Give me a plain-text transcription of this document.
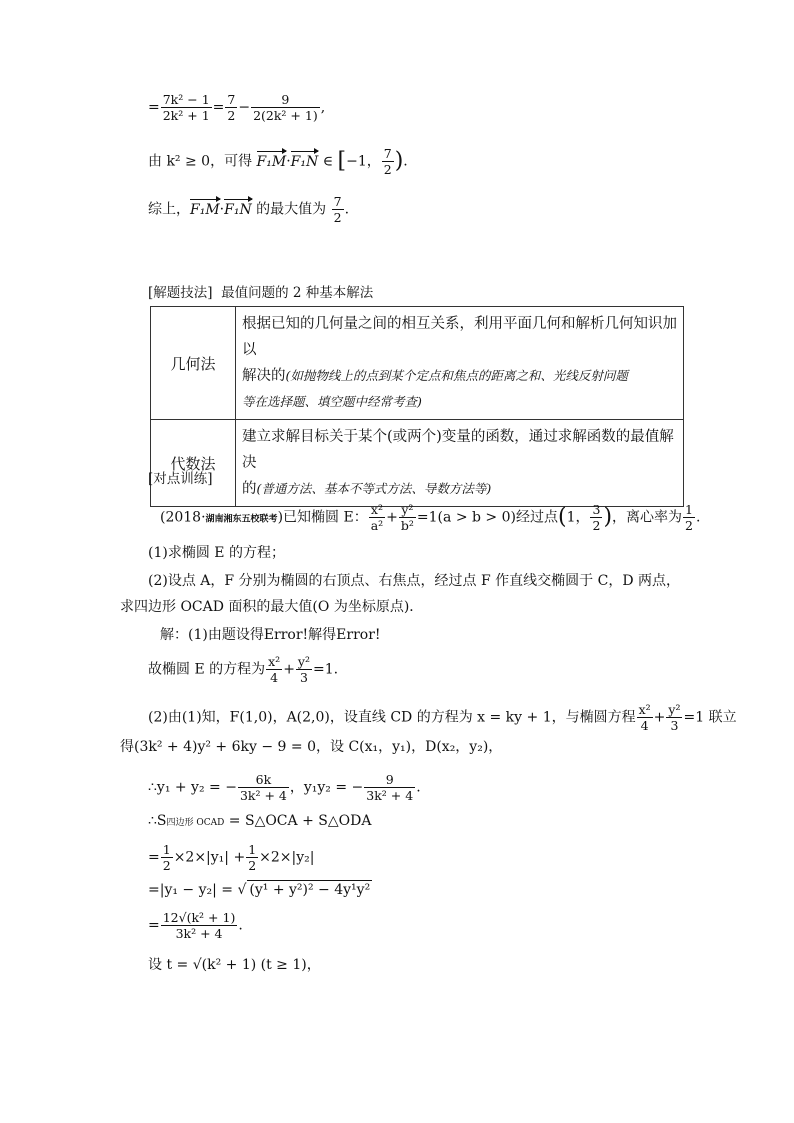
= $\frac{\text{7k² − 1}}{\text{2k² + 1}} = \frac{7}{2} - \frac{9}{\text{2(2k² + 1)}}$ ,
由 k² ≥ 0，可得 F₁M·F₁N ∈ [−1， $\frac{7}{2}$ ).
综上，F₁M·F₁N 的最大值为 $\frac{7}{2}$ .
[解题技法] 最值问题的 2 种基本解法
几何法	根据已知的几何量之间的相互关系，利用平面几何和解析几何知识加以
解决的(如抛物线上的点到某个定点和焦点的距离之和、光线反射问题
等在选择题、填空题中经常考查)
代数法	建立求解目标关于某个(或两个)变量的函数，通过求解函数的最值解决
的(普通方法、基本不等式方法、导数方法等)
[对点训练]
(2018·湖南湘东五校联考)已知椭圆 E： $\frac{\text{x²}}{\text{a²}} + \frac{\text{y²}}{\text{b²}} =1(a > b > 0)$经过点(1， $\frac{3}{2}$ )，离心率为 $\frac{1}{2}$ .
(1)求椭圆 E 的方程；
(2)设点 A，F 分别为椭圆的右顶点、右焦点，经过点 F 作直线交椭圆于 C，D 两点，
求四边形 OCAD 面积的最大值(O 为坐标原点)．
解：(1)由题设得Error!解得Error!
故椭圆 E 的方程为 $\frac{\text{x²}}{4} + \frac{\text{y²}}{3} =1$.
(2)由(1)知，F(1,0)，A(2,0)，设直线 CD 的方程为 x = ky + 1，与椭圆方程 $\frac{\text{x²}}{4} + \frac{\text{y²}}{3} =1$ 联立
得(3k² + 4)y² + 6ky − 9 = 0，设 C(x₁，y₁)，D(x₂，y₂)，
∴y₁ + y₂ = − $\frac{6k}{\text{3k² + 4}}$ ，y₁y₂ = − $\frac{9}{\text{3k² + 4}}$ .
∴S四边形 OCAD = S△OCA + S△ODA
= $\frac{1}{2} \times 2\times|y_1| + \frac{1}{2} \times 2\times|y_2|$
=|y₁ − y₂| = √ (y¹ + y²)² − 4y¹y²
= $\frac{\text{12√(k² + 1)}}{\text{3k² + 4}}$ .
设 t = √(k² + 1) (t ≥ 1)，
